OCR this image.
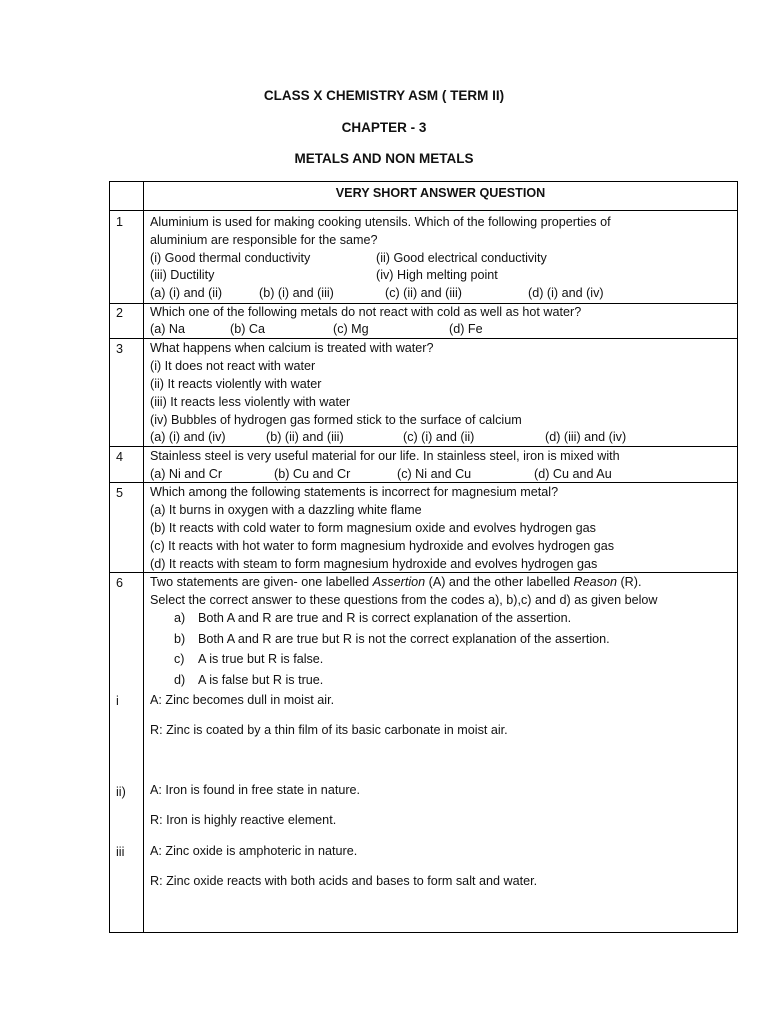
CLASS X CHEMISTRY ASM ( TERM II)
CHAPTER - 3
METALS AND NON METALS
VERY SHORT ANSWER QUESTION
1 Aluminium is used for making cooking utensils. Which of the following properties of
aluminium are responsible for the same?
(i) Good thermal conductivity	(ii) Good electrical conductivity
(iii) Ductility	(iv) High melting point
(a) (i) and (ii)	(b) (i) and (iii)	(c) (ii) and (iii)	(d) (i) and (iv)
2 Which one of the following metals do not react with cold as well as hot water?
(a) Na	(b) Ca	(c) Mg	(d) Fe
3 What happens when calcium is treated with water?
(i) It does not react with water
(ii) It reacts violently with water
(iii) It reacts less violently with water
(iv) Bubbles of hydrogen gas formed stick to the surface of calcium
(a) (i) and (iv)	(b) (ii) and (iii)	(c) (i) and (ii)	(d) (iii) and (iv)
4 Stainless steel is very useful material for our life. In stainless steel, iron is mixed with
(a) Ni and Cr	(b) Cu and Cr	(c) Ni and Cu	(d) Cu and Au
5 Which among the following statements is incorrect for magnesium metal?
(a) It burns in oxygen with a dazzling white flame
(b) It reacts with cold water to form magnesium oxide and evolves hydrogen gas
(c) It reacts with hot water to form magnesium hydroxide and evolves hydrogen gas
(d) It reacts with steam to form magnesium hydroxide and evolves hydrogen gas
6 Two statements are given- one labelled Assertion (A) and the other labelled Reason (R).
Select the correct answer to these questions from the codes a), b),c) and d) as given below
a) Both A and R are true and R is correct explanation of the assertion.
b) Both A and R are true but R is not the correct explanation of the assertion.
c) A is true but R is false.
d) A is false but R is true.
i A: Zinc becomes dull in moist air.
R: Zinc is coated by a thin film of its basic carbonate in moist air.
ii) A: Iron is found in free state in nature.
R: Iron is highly reactive element.
iii A: Zinc oxide is amphoteric in nature.
R: Zinc oxide reacts with both acids and bases to form salt and water.
